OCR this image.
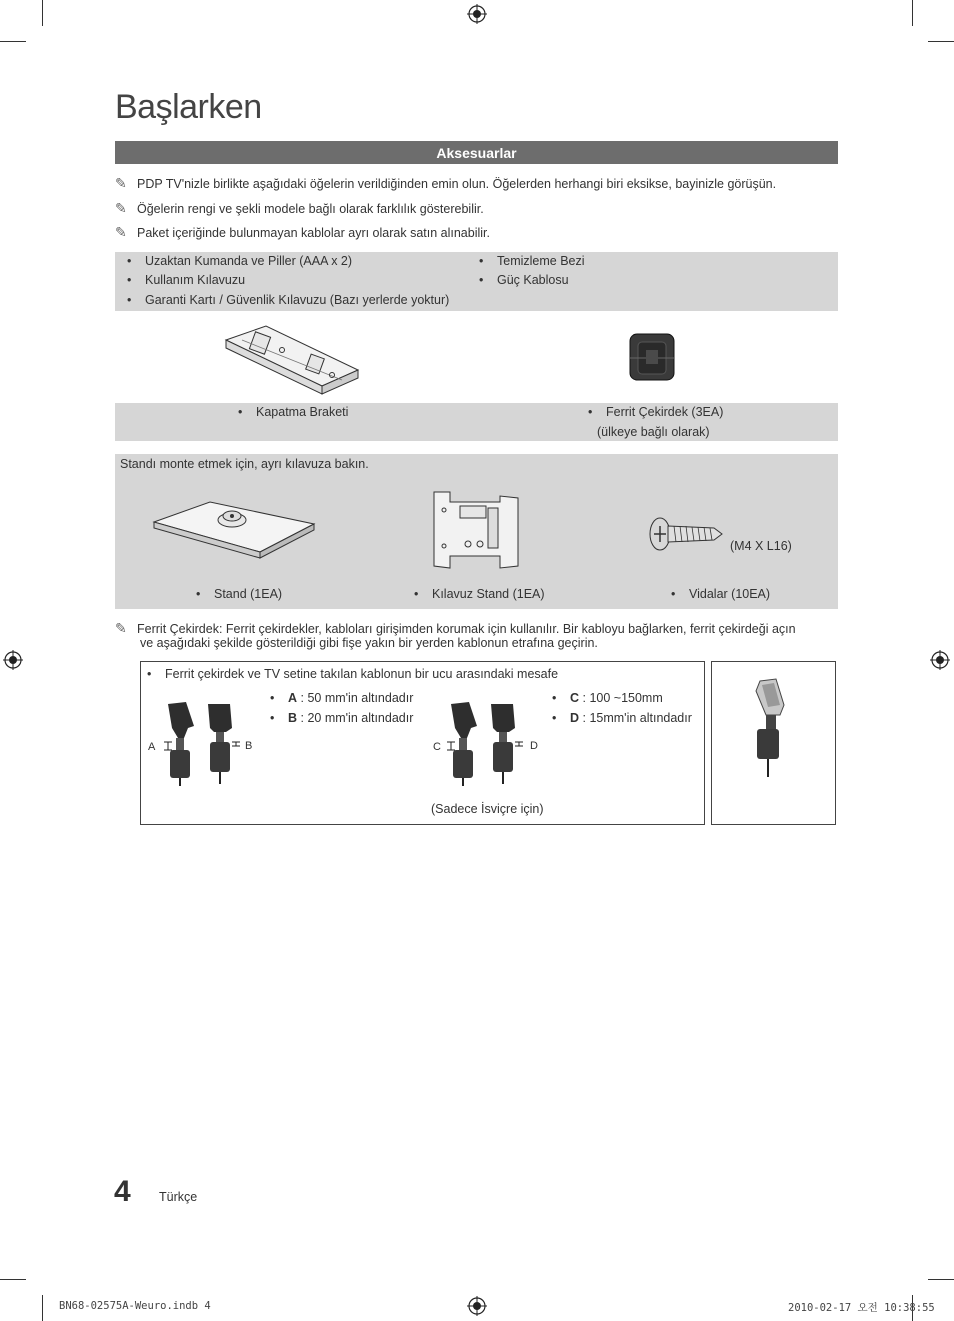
Başlarken
Aksesuarlar
✎ PDP TV'nizle birlikte aşağıdaki öğelerin verildiğinden emin olun. Öğelerden herhangi biri eksikse, bayinizle görüşün.
✎ Öğelerin rengi ve şekli modele bağlı olarak farklılık gösterebilir.
✎ Paket içeriğinde bulunmayan kablolar ayrı olarak satın alınabilir.
• Uzaktan Kumanda ve Piller (AAA x 2)
• Kullanım Kılavuzu
• Garanti Kartı / Güvenlik Kılavuzu (Bazı yerlerde yoktur)
• Temizleme Bezi
• Güç Kablosu
• Kapatma Braketi	• Ferrit Çekirdek (3EA)
(ülkeye bağlı olarak)
Standı monte etmek için, ayrı kılavuza bakın.
(M4 X L16)
• Stand (1EA)	• Kılavuz Stand (1EA)	• Vidalar (10EA)
✎ Ferrit Çekirdek: Ferrit çekirdekler, kabloları girişimden korumak için kullanılır. Bir kabloyu bağlarken, ferrit çekirdeği açın
ve aşağıdaki şekilde gösterildiği gibi fişe yakın bir yerden kablonun etrafına geçirin.
• Ferrit çekirdek ve TV setine takılan kablonun bir ucu arasındaki mesafe
• A : 50 mm'in altındadır
• B : 20 mm'in altındadır
• C : 100 ~150mm
• D : 15mm'in altındadır
A	B	C	D
(Sadece İsviçre için)
4 Türkçe
BN68-02575A-Weuro.indb 4	2010-02-17 오전 10:38:55
